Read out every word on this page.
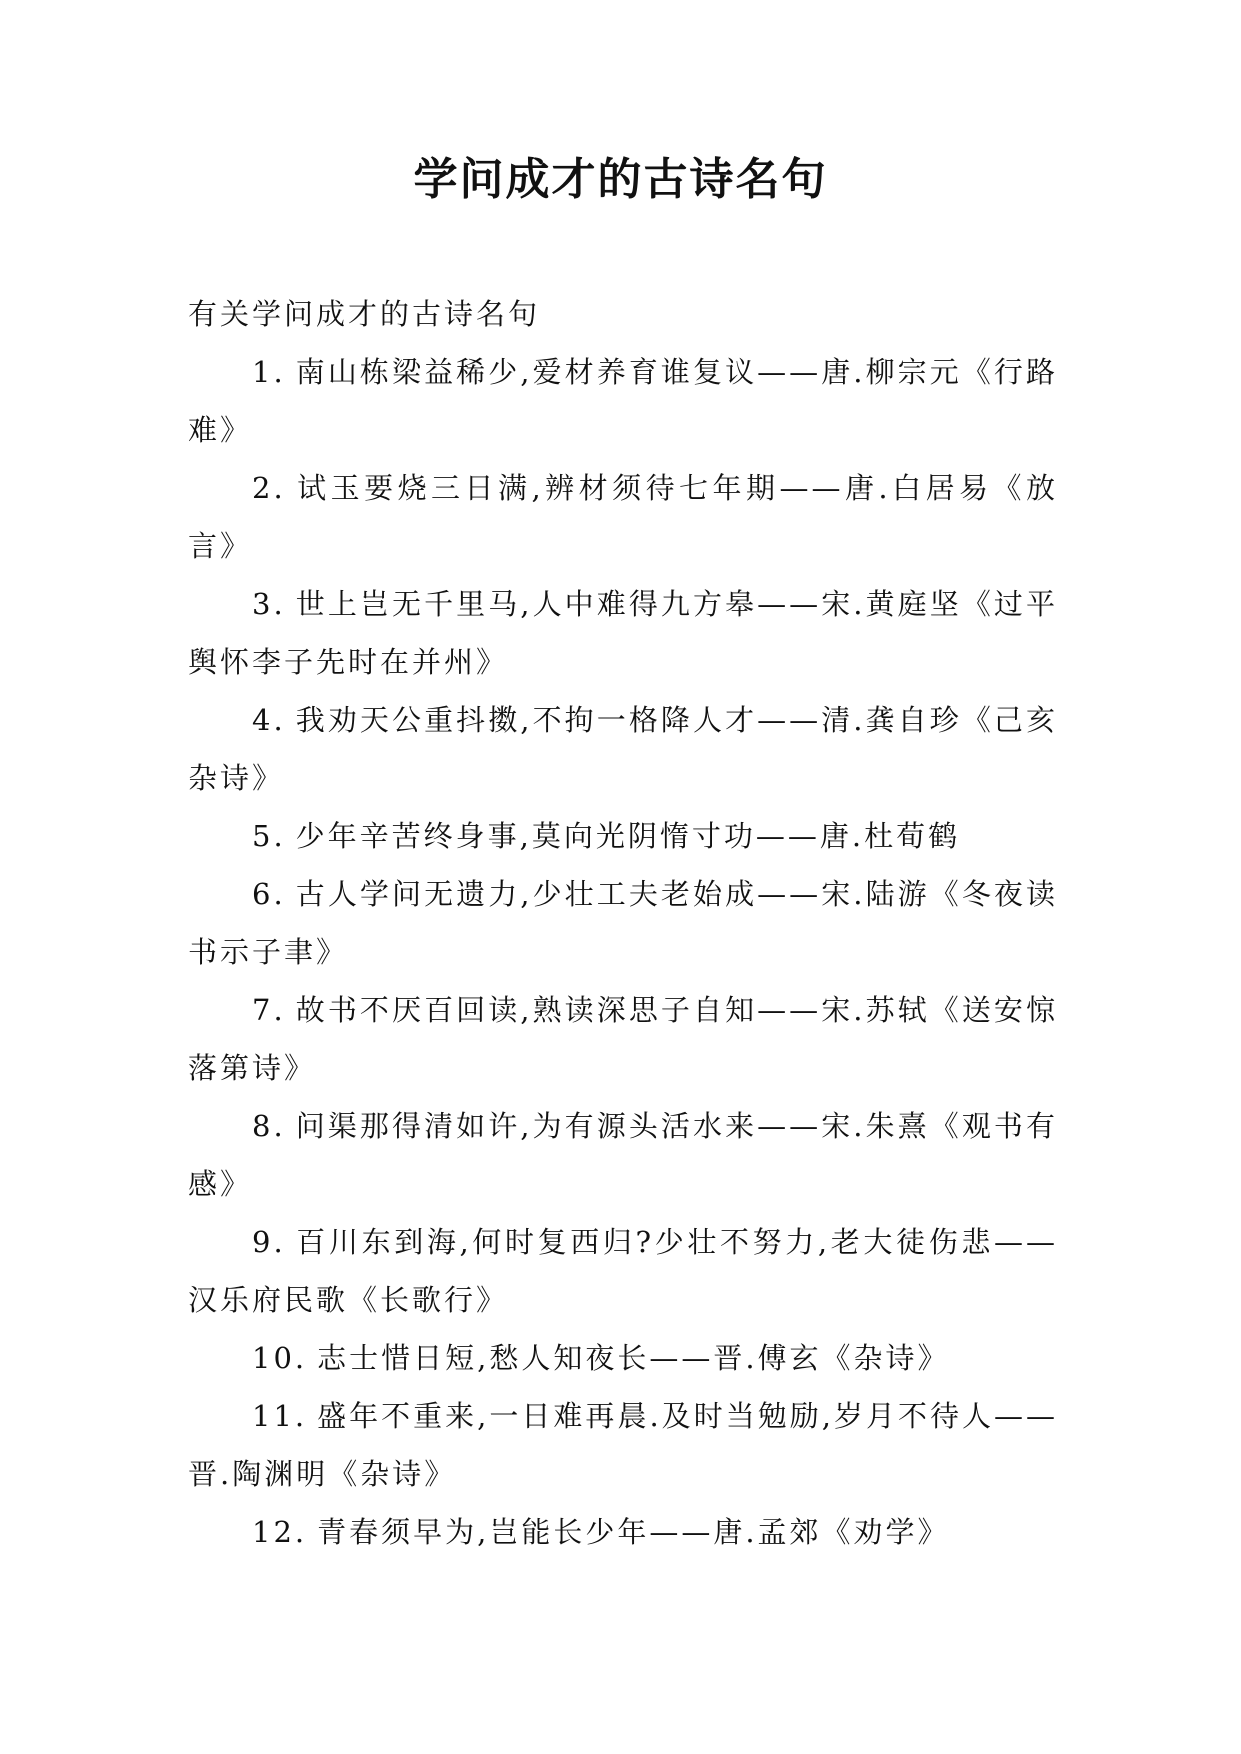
学问成才的古诗名句

有关学问成才的古诗名句

1. 南山栋梁益稀少,爱材养育谁复议——唐.柳宗元《行路难》
2. 试玉要烧三日满,辨材须待七年期——唐.白居易《放言》
3. 世上岂无千里马,人中难得九方皋——宋.黄庭坚《过平舆怀李子先时在并州》
4. 我劝天公重抖擞,不拘一格降人才——清.龚自珍《己亥杂诗》
5. 少年辛苦终身事,莫向光阴惰寸功——唐.杜荀鹤
6. 古人学问无遗力,少壮工夫老始成——宋.陆游《冬夜读书示子聿》
7. 故书不厌百回读,熟读深思子自知——宋.苏轼《送安惊落第诗》
8. 问渠那得清如许,为有源头活水来——宋.朱熹《观书有感》
9. 百川东到海,何时复西归?少壮不努力,老大徒伤悲——汉乐府民歌《长歌行》
10. 志士惜日短,愁人知夜长——晋.傅玄《杂诗》
11. 盛年不重来,一日难再晨.及时当勉励,岁月不待人——晋.陶渊明《杂诗》
12. 青春须早为,岂能长少年——唐.孟郊《劝学》
